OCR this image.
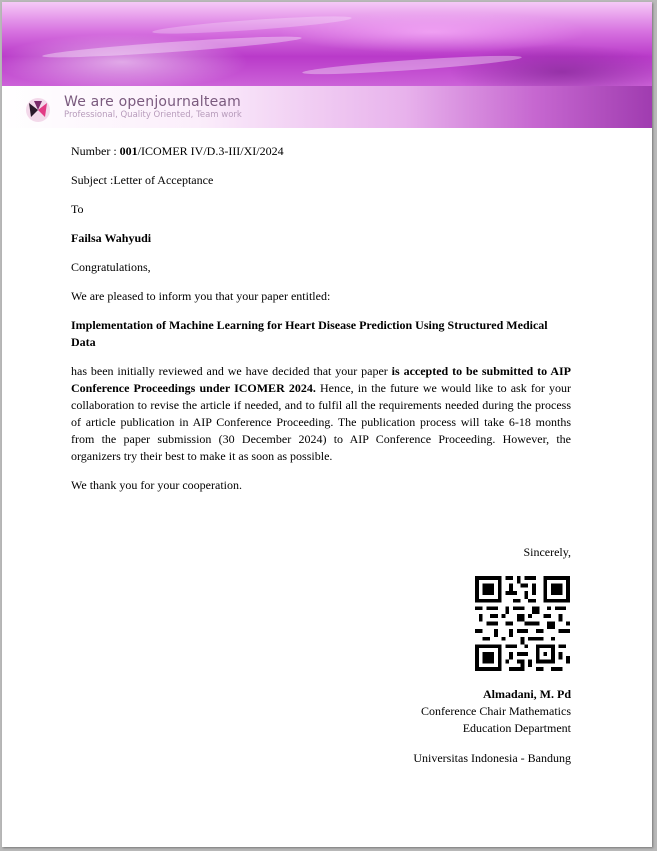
We are openjournalteam
Professional, Quality Oriented, Team work

Number : 001/ICOMER IV/D.3-III/XI/2024

Subject :Letter of Acceptance

To

Failsa Wahyudi

Congratulations,

We are pleased to inform you that your paper entitled:

Implementation of Machine Learning for Heart Disease Prediction Using Structured Medical Data

has been initially reviewed and we have decided that your paper is accepted to be submitted to AIP Conference Proceedings under ICOMER 2024. Hence, in the future we would like to ask for your collaboration to revise the article if needed, and to fulfil all the requirements needed during the process of article publication in AIP Conference Proceeding. The publication process will take 6-18 months from the paper submission (30 December 2024) to AIP Conference Proceeding. However, the organizers try their best to make it as soon as possible.

We thank you for your cooperation.

Sincerely,
Almadani, M. Pd
Conference Chair Mathematics
Education Department
Universitas Indonesia - Bandung
